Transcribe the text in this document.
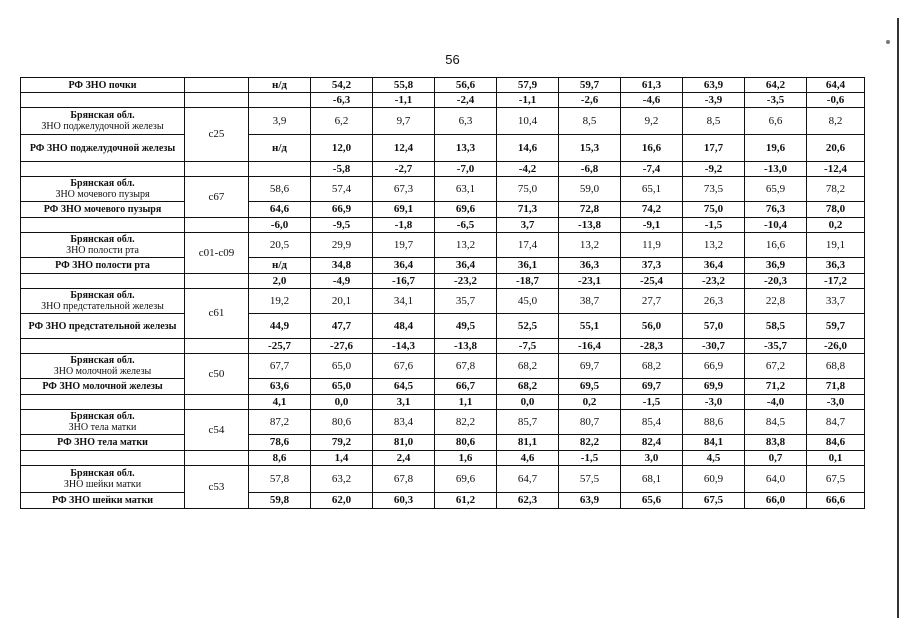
56
РФ ЗНО почки		н/д	54,2	55,8	56,6	57,9	59,7	61,3	63,9	64,2	64,4
			-6,3	-1,1	-2,4	-1,1	-2,6	-4,6	-3,9	-3,5	-0,6
Брянская обл.
ЗНО поджелудочной железы	с25	3,9	6,2	9,7	6,3	10,4	8,5	9,2	8,5	6,6	8,2
РФ ЗНО поджелудочной железы		н/д	12,0	12,4	13,3	14,6	15,3	16,6	17,7	19,6	20,6
			-5,8	-2,7	-7,0	-4,2	-6,8	-7,4	-9,2	-13,0	-12,4
Брянская обл.
ЗНО мочевого пузыря	с67	58,6	57,4	67,3	63,1	75,0	59,0	65,1	73,5	65,9	78,2
РФ ЗНО мочевого пузыря		64,6	66,9	69,1	69,6	71,3	72,8	74,2	75,0	76,3	78,0
		-6,0	-9,5	-1,8	-6,5	3,7	-13,8	-9,1	-1,5	-10,4	0,2
Брянская обл.
ЗНО полости рта	с01-с09	20,5	29,9	19,7	13,2	17,4	13,2	11,9	13,2	16,6	19,1
РФ ЗНО полости рта		н/д	34,8	36,4	36,4	36,1	36,3	37,3	36,4	36,9	36,3
		2,0	-4,9	-16,7	-23,2	-18,7	-23,1	-25,4	-23,2	-20,3	-17,2
Брянская обл.
ЗНО предстательной железы	с61	19,2	20,1	34,1	35,7	45,0	38,7	27,7	26,3	22,8	33,7
РФ ЗНО предстательной железы		44,9	47,7	48,4	49,5	52,5	55,1	56,0	57,0	58,5	59,7
		-25,7	-27,6	-14,3	-13,8	-7,5	-16,4	-28,3	-30,7	-35,7	-26,0
Брянская обл.
ЗНО молочной железы	с50	67,7	65,0	67,6	67,8	68,2	69,7	68,2	66,9	67,2	68,8
РФ ЗНО молочной железы		63,6	65,0	64,5	66,7	68,2	69,5	69,7	69,9	71,2	71,8
		4,1	0,0	3,1	1,1	0,0	0,2	-1,5	-3,0	-4,0	-3,0
Брянская обл.
ЗНО тела матки	с54	87,2	80,6	83,4	82,2	85,7	80,7	85,4	88,6	84,5	84,7
РФ ЗНО тела матки		78,6	79,2	81,0	80,6	81,1	82,2	82,4	84,1	83,8	84,6
		8,6	1,4	2,4	1,6	4,6	-1,5	3,0	4,5	0,7	0,1
Брянская обл.
ЗНО шейки матки	с53	57,8	63,2	67,8	69,6	64,7	57,5	68,1	60,9	64,0	67,5
РФ ЗНО шейки матки		59,8	62,0	60,3	61,2	62,3	63,9	65,6	67,5	66,0	66,6
